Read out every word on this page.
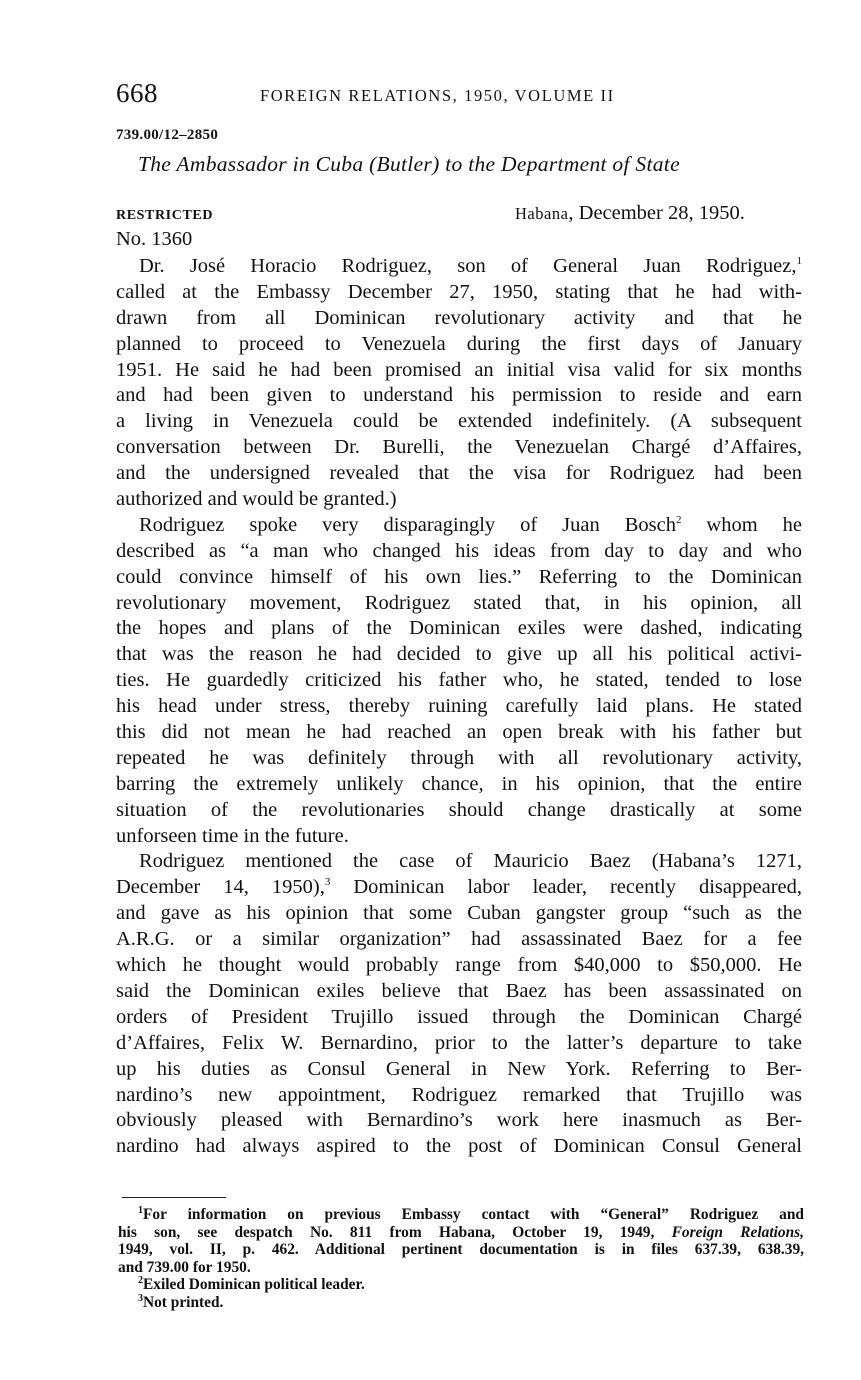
668	FOREIGN RELATIONS, 1950, VOLUME II
739.00/12–2850
The Ambassador in Cuba (Butler) to the Department of State
RESTRICTED	Habana, December 28, 1950.
No. 1360
Dr. José Horacio Rodriguez, son of General Juan Rodriguez,$^1$
called at the Embassy December 27, 1950, stating that he had with-
drawn from all Dominican revolutionary activity and that he
planned to proceed to Venezuela during the first days of January
1951. He said he had been promised an initial visa valid for six months
and had been given to understand his permission to reside and earn
a living in Venezuela could be extended indefinitely. (A subsequent
conversation between Dr. Burelli, the Venezuelan Chargé d’Affaires,
and the undersigned revealed that the visa for Rodriguez had been
authorized and would be granted.)
Rodriguez spoke very disparagingly of Juan Bosch$^2$ whom he
described as “a man who changed his ideas from day to day and who
could convince himself of his own lies.” Referring to the Dominican
revolutionary movement, Rodriguez stated that, in his opinion, all
the hopes and plans of the Dominican exiles were dashed, indicating
that was the reason he had decided to give up all his political activi-
ties. He guardedly criticized his father who, he stated, tended to lose
his head under stress, thereby ruining carefully laid plans. He stated
this did not mean he had reached an open break with his father but
repeated he was definitely through with all revolutionary activity,
barring the extremely unlikely chance, in his opinion, that the entire
situation of the revolutionaries should change drastically at some
unforseen time in the future.
Rodriguez mentioned the case of Mauricio Baez (Habana’s 1271,
December 14, 1950),$^3$ Dominican labor leader, recently disappeared,
and gave as his opinion that some Cuban gangster group “such as the
A.R.G. or a similar organization” had assassinated Baez for a fee
which he thought would probably range from $40,000 to $50,000. He
said the Dominican exiles believe that Baez has been assassinated on
orders of President Trujillo issued through the Dominican Chargé
d’Affaires, Felix W. Bernardino, prior to the latter’s departure to take
up his duties as Consul General in New York. Referring to Ber-
nardino’s new appointment, Rodriguez remarked that Trujillo was
obviously pleased with Bernardino’s work here inasmuch as Ber-
nardino had always aspired to the post of Dominican Consul General
$^1$For information on previous Embassy contact with “General” Rodriguez and
his son, see despatch No. 811 from Habana, October 19, 1949, Foreign Relations,
1949, vol. II, p. 462. Additional pertinent documentation is in files 637.39, 638.39,
and 739.00 for 1950.
$^2$Exiled Dominican political leader.
$^3$Not printed.
